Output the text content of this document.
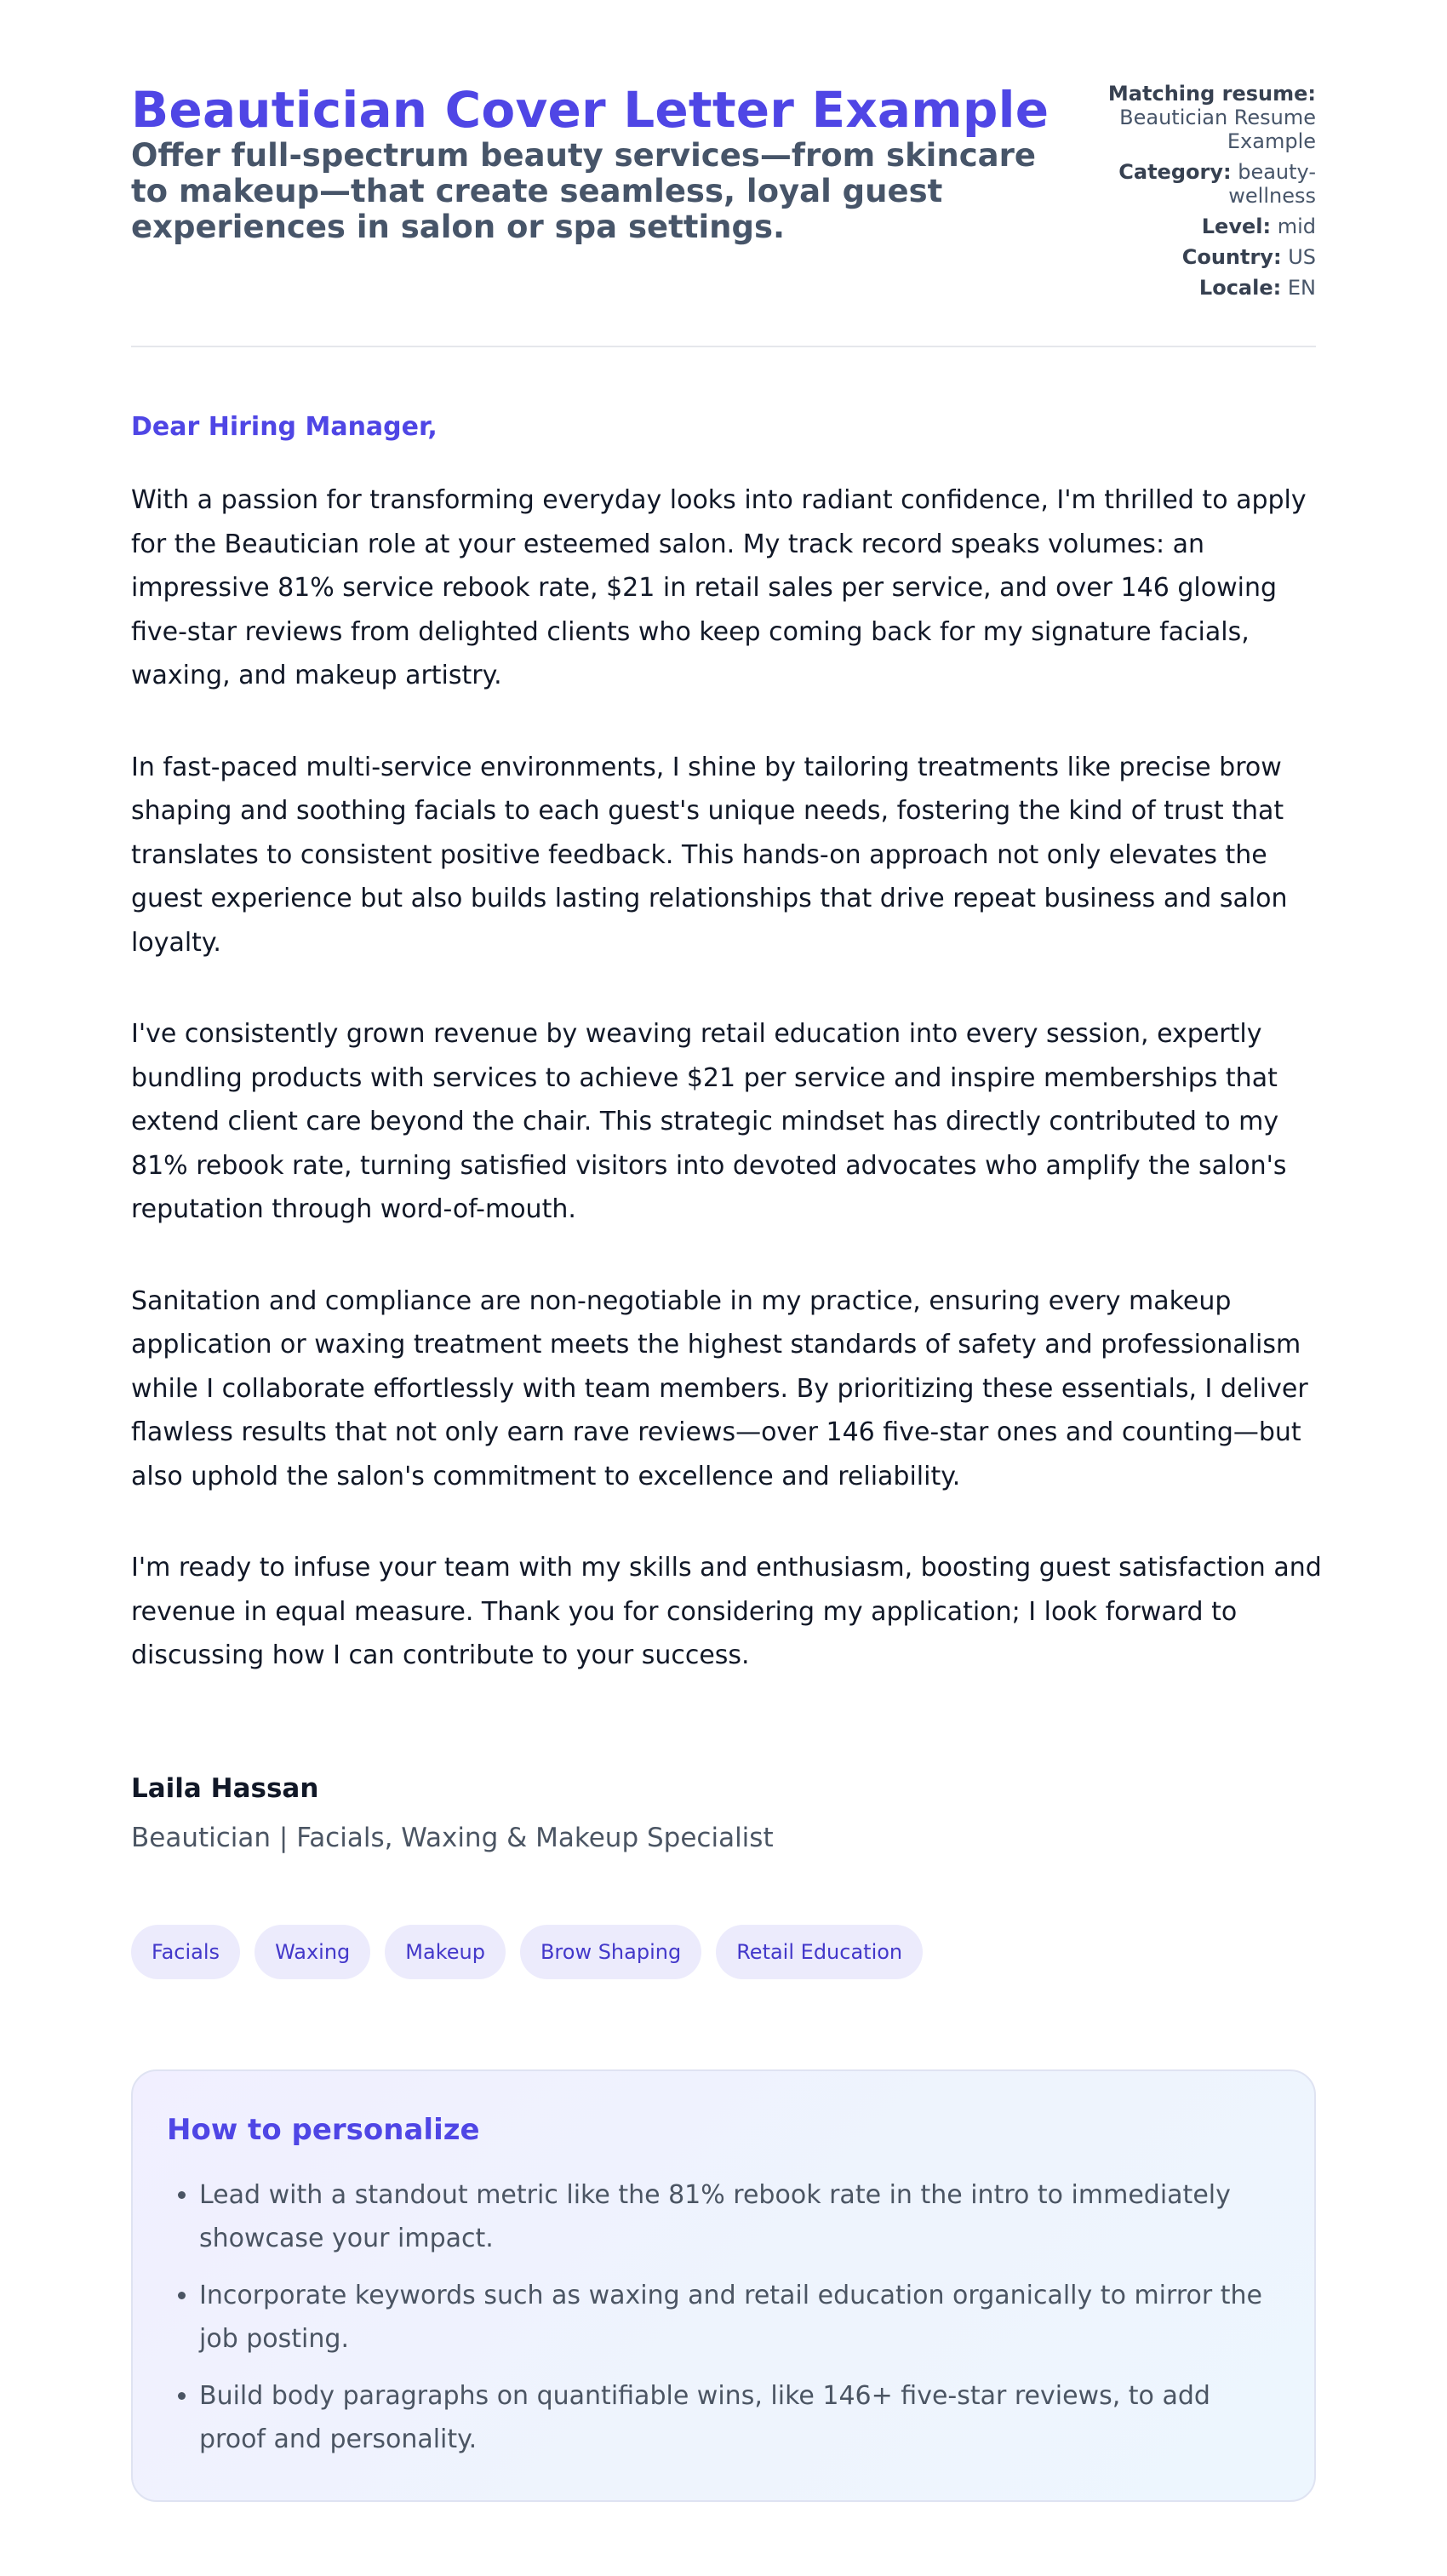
Beautician Cover Letter Example
Offer full-spectrum beauty services—from skincare to makeup—that create seamless, loyal guest experiences in salon or spa settings.
Matching resume: Beautician Resume Example
Category: beauty-wellness
Level: mid
Country: US
Locale: EN

Dear Hiring Manager,

With a passion for transforming everyday looks into radiant confidence, I'm thrilled to apply for the Beautician role at your esteemed salon. My track record speaks volumes: an impressive 81% service rebook rate, $21 in retail sales per service, and over 146 glowing five-star reviews from delighted clients who keep coming back for my signature facials, waxing, and makeup artistry.

In fast-paced multi-service environments, I shine by tailoring treatments like precise brow shaping and soothing facials to each guest's unique needs, fostering the kind of trust that translates to consistent positive feedback. This hands-on approach not only elevates the guest experience but also builds lasting relationships that drive repeat business and salon loyalty.

I've consistently grown revenue by weaving retail education into every session, expertly bundling products with services to achieve $21 per service and inspire memberships that extend client care beyond the chair. This strategic mindset has directly contributed to my 81% rebook rate, turning satisfied visitors into devoted advocates who amplify the salon's reputation through word-of-mouth.

Sanitation and compliance are non-negotiable in my practice, ensuring every makeup application or waxing treatment meets the highest standards of safety and professionalism while I collaborate effortlessly with team members. By prioritizing these essentials, I deliver flawless results that not only earn rave reviews—over 146 five-star ones and counting—but also uphold the salon's commitment to excellence and reliability.

I'm ready to infuse your team with my skills and enthusiasm, boosting guest satisfaction and revenue in equal measure. Thank you for considering my application; I look forward to discussing how I can contribute to your success.

Laila Hassan

Beautician | Facials, Waxing & Makeup Specialist

Facials	Waxing	Makeup	Brow Shaping	Retail Education
How to personalize
• Lead with a standout metric like the 81% rebook rate in the intro to immediately showcase your impact.
• Incorporate keywords such as waxing and retail education organically to mirror the job posting.
• Build body paragraphs on quantifiable wins, like 146+ five-star reviews, to add proof and personality.
